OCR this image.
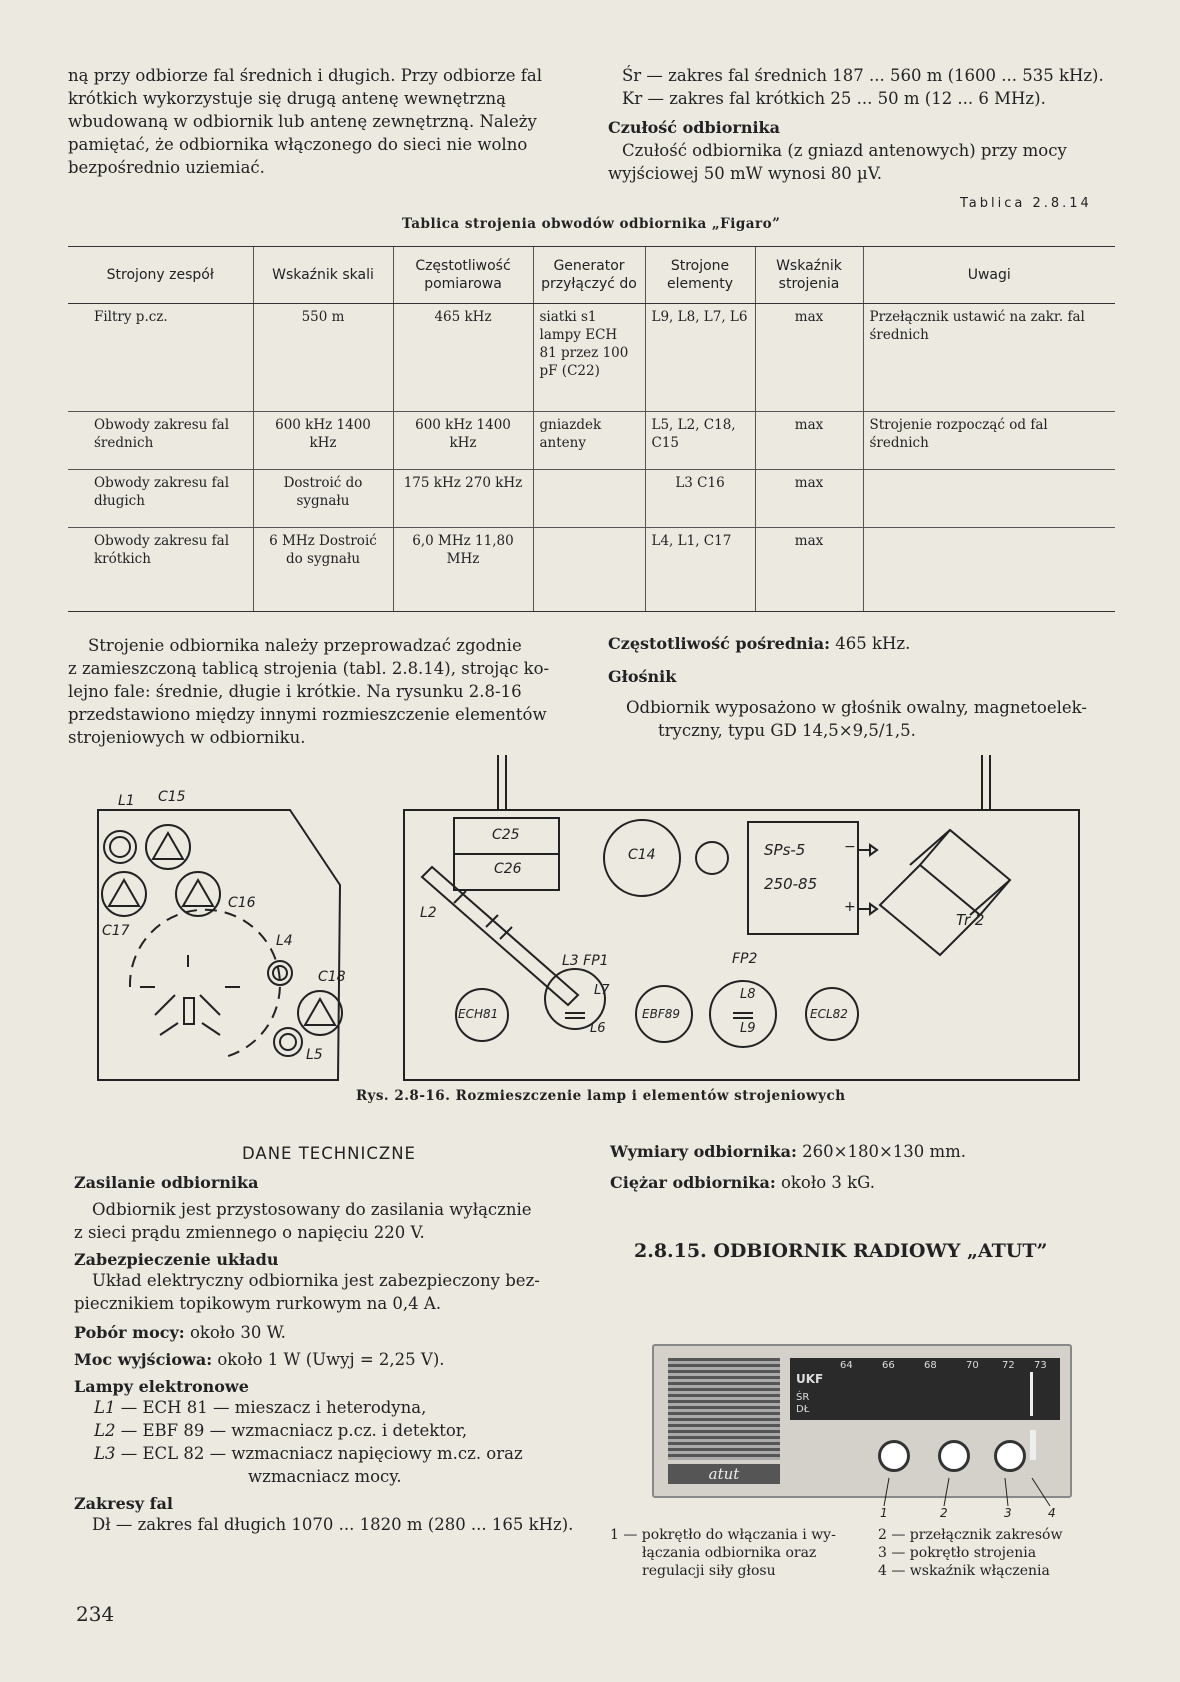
ną przy odbiorze fal średnich i długich. Przy odbiorze fal
krótkich wykorzystuje się drugą antenę wewnętrzną
wbudowaną w odbiornik lub antenę zewnętrzną. Należy
pamiętać, że odbiornika włączonego do sieci nie wolno
bezpośrednio uziemiać.
Śr — zakres fal średnich 187 ... 560 m (1600 ... 535 kHz).
Kr — zakres fal krótkich 25 ... 50 m (12 ... 6 MHz).
Czułość odbiornika
Czułość odbiornika (z gniazd antenowych) przy mocy
wyjściowej 50 mW wynosi 80 µV.
Tablica 2.8.14
Tablica strojenia obwodów odbiornika „Figaro”
Strojony zespół	Wskaźnik skali	Częstotliwość pomiarowa	Generator przyłączyć do	Strojone elementy	Wskaźnik strojenia	Uwagi
Filtry p.cz.	550 m	465 kHz	siatki s1 lampy ECH 81 przez 100 pF (C22)	L9, L8, L7, L6	max	Przełącznik ustawić na zakr. fal średnich
Obwody zakresu fal średnich	600 kHz 1400 kHz	600 kHz 1400 kHz	gniazdek anteny	L5, L2, C18, C15	max	Strojenie rozpocząć od fal średnich
Obwody zakresu fal długich	Dostroić do sygnału	175 kHz 270 kHz		L3 C16	max	
Obwody zakresu fal krótkich	6 MHz Dostroić do sygnału	6,0 MHz 11,80 MHz		L4, L1, C17	max	
Strojenie odbiornika należy przeprowadzać zgodnie
z zamieszczoną tablicą strojenia (tabl. 2.8.14), strojąc ko-
lejno fale: średnie, długie i krótkie. Na rysunku 2.8-16
przedstawiono między innymi rozmieszczenie elementów
strojeniowych w odbiorniku.
Częstotliwość pośrednia: 465 kHz.
Głośnik
Odbiornik wyposażono w głośnik owalny, magnetoelek-
tryczny, typu GD 14,5×9,5/1,5.
L1 C15
C16
C17
L4
C18
L5
C25
C26
C14
L2
L3 FP1
L7
L6
FP2
L8
L9
SPs-5
250-85
−
+
Tr 2
ECH81	EBF89	ECL82
Rys. 2.8-16. Rozmieszczenie lamp i elementów strojeniowych
DANE TECHNICZNE
Zasilanie odbiornika
Odbiornik jest przystosowany do zasilania wyłącznie
z sieci prądu zmiennego o napięciu 220 V.
Zabezpieczenie układu
Układ elektryczny odbiornika jest zabezpieczony bez-
piecznikiem topikowym rurkowym na 0,4 A.
Pobór mocy: około 30 W.
Moc wyjściowa: około 1 W (Uwyj = 2,25 V).
Lampy elektronowe
L1 — ECH 81 — mieszacz i heterodyna,
L2 — EBF 89 — wzmacniacz p.cz. i detektor,
L3 — ECL 82 — wzmacniacz napięciowy m.cz. oraz
wzmacniacz mocy.
Zakresy fal
Dł — zakres fal długich 1070 ... 1820 m (280 ... 165 kHz).
Wymiary odbiornika: 260×180×130 mm.
Ciężar odbiornika: około 3 kG.
2.8.15. ODBIORNIK RADIOWY „ATUT”
UKF
ŚR
DŁ
64	66	68	70 72 73
atut
1	2	3	4
1 — pokrętło do włączania i wy-
łączania odbiornika oraz
regulacji siły głosu
2 — przełącznik zakresów
3 — pokrętło strojenia
4 — wskaźnik włączenia
234
